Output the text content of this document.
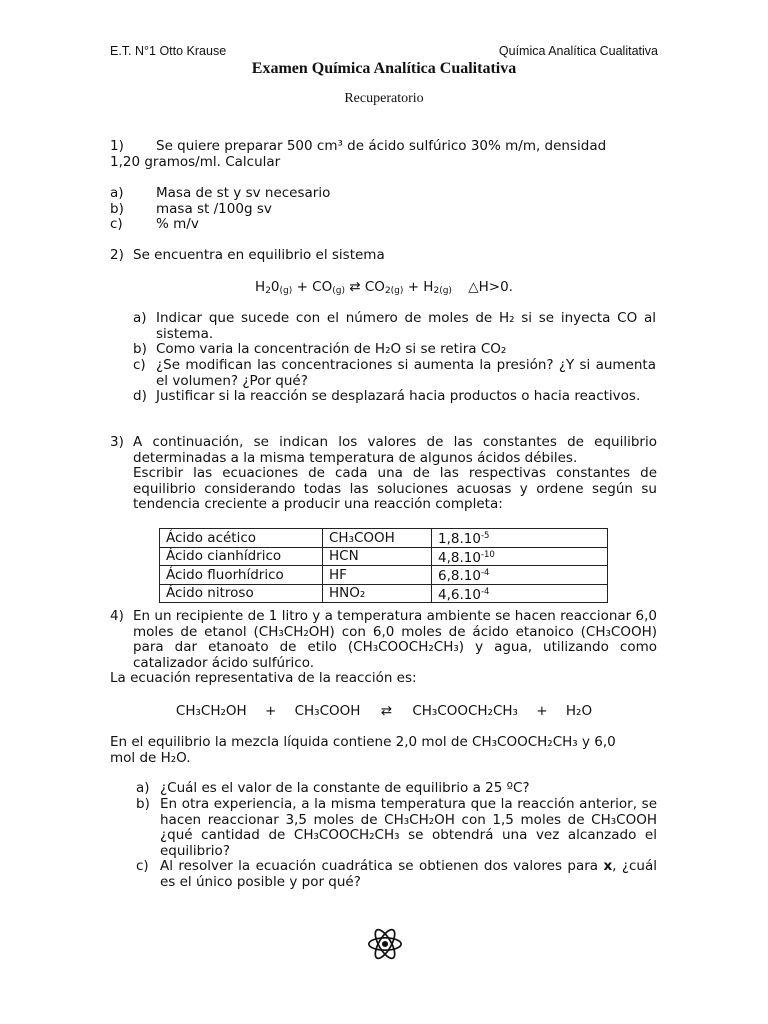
E.T. N°1 Otto Krause	Química Analítica Cualitativa
Examen Química Analítica Cualitativa
Recuperatorio
1) Se quiere preparar 500 cm³ de ácido sulfúrico 30% m/m, densidad
1,20 gramos/ml. Calcular
a) Masa de st y sv necesario
b) masa st /100g sv
c) % m/v
2) Se encuentra en equilibrio el sistema
$H_20_{(g)} + CO_{(g)}$ ⇄ $CO_{2(g)} + H_{2(g)}$ △H>0.
a) Indicar que sucede con el número de moles de H₂ si se inyecta CO al sistema.
b) Como varia la concentración de H₂O si se retira CO₂
c) ¿Se modifican las concentraciones si aumenta la presión? ¿Y si aumenta el volumen? ¿Por qué?
d) Justificar si la reacción se desplazará hacia productos o hacia reactivos.
3) A continuación, se indican los valores de las constantes de equilibrio determinadas a la misma temperatura de algunos ácidos débiles.
Escribir las ecuaciones de cada una de las respectivas constantes de equilibrio considerando todas las soluciones acuosas y ordene según su tendencia creciente a producir una reacción completa:
Ácido acético	CH₃COOH	$1,8.10^{-5}$
Ácido cianhídrico	HCN	$4,8.10^{-10}$
Ácido fluorhídrico	HF	$6,8.10^{-4}$
Ácido nitroso	HNO₂	$4,6.10^{-4}$
4) En un recipiente de 1 litro y a temperatura ambiente se hacen reaccionar 6,0 moles de etanol (CH₃CH₂OH) con 6,0 moles de ácido etanoico (CH₃COOH) para dar etanoato de etilo (CH₃COOCH₂CH₃) y agua, utilizando como catalizador ácido sulfúrico.
La ecuación representativa de la reacción es:
CH₃CH₂OH + CH₃COOH ⇄ CH₃COOCH₂CH₃ + H₂O
En el equilibrio la mezcla líquida contiene 2,0 mol de CH₃COOCH₂CH₃ y 6,0
mol de H₂O.
a) ¿Cuál es el valor de la constante de equilibrio a 25 ºC?
b) En otra experiencia, a la misma temperatura que la reacción anterior, se hacen reaccionar 3,5 moles de CH₃CH₂OH con 1,5 moles de CH₃COOH ¿qué cantidad de CH₃COOCH₂CH₃ se obtendrá una vez alcanzado el equilibrio?
c) Al resolver la ecuación cuadrática se obtienen dos valores para x, ¿cuál es el único posible y por qué?
